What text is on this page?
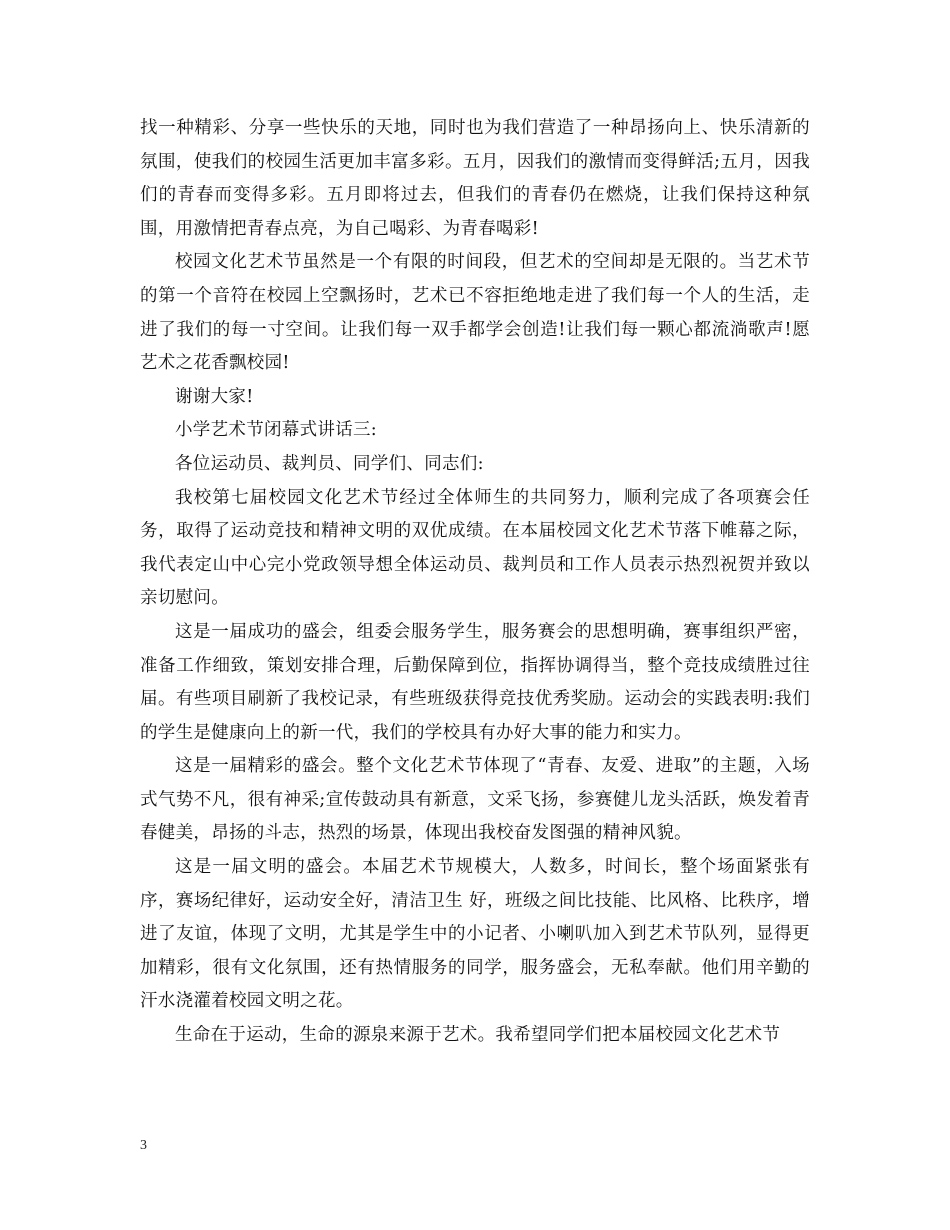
找一种精彩、分享一些快乐的天地，同时也为我们营造了一种昂扬向上、快乐清新的氛围，使我们的校园生活更加丰富多彩。五月，因我们的激情而变得鲜活;五月，因我们的青春而变得多彩。五月即将过去，但我们的青春仍在燃烧，让我们保持这种氛围，用激情把青春点亮，为自己喝彩、为青春喝彩!

校园文化艺术节虽然是一个有限的时间段，但艺术的空间却是无限的。当艺术节的第一个音符在校园上空飘扬时，艺术已不容拒绝地走进了我们每一个人的生活，走进了我们的每一寸空间。让我们每一双手都学会创造!让我们每一颗心都流淌歌声!愿艺术之花香飘校园!

谢谢大家!

小学艺术节闭幕式讲话三:

各位运动员、裁判员、同学们、同志们:

我校第七届校园文化艺术节经过全体师生的共同努力，顺利完成了各项赛会任务，取得了运动竞技和精神文明的双优成绩。在本届校园文化艺术节落下帷幕之际，我代表定山中心完小党政领导想全体运动员、裁判员和工作人员表示热烈祝贺并致以亲切慰问。

这是一届成功的盛会，组委会服务学生，服务赛会的思想明确，赛事组织严密，准备工作细致，策划安排合理，后勤保障到位，指挥协调得当，整个竞技成绩胜过往届。有些项目刷新了我校记录，有些班级获得竞技优秀奖励。运动会的实践表明:我们的学生是健康向上的新一代，我们的学校具有办好大事的能力和实力。

这是一届精彩的盛会。整个文化艺术节体现了“青春、友爱、进取”的主题，入场式气势不凡，很有神采;宣传鼓动具有新意，文采飞扬，参赛健儿龙头活跃，焕发着青春健美，昂扬的斗志，热烈的场景，体现出我校奋发图强的精神风貌。

这是一届文明的盛会。本届艺术节规模大，人数多，时间长，整个场面紧张有序，赛场纪律好，运动安全好，清洁卫生 好，班级之间比技能、比风格、比秩序，增进了友谊，体现了文明，尤其是学生中的小记者、小喇叭加入到艺术节队列，显得更加精彩，很有文化氛围，还有热情服务的同学，服务盛会，无私奉献。他们用辛勤的汗水浇灌着校园文明之花。

生命在于运动，生命的源泉来源于艺术。我希望同学们把本届校园文化艺术节

3
